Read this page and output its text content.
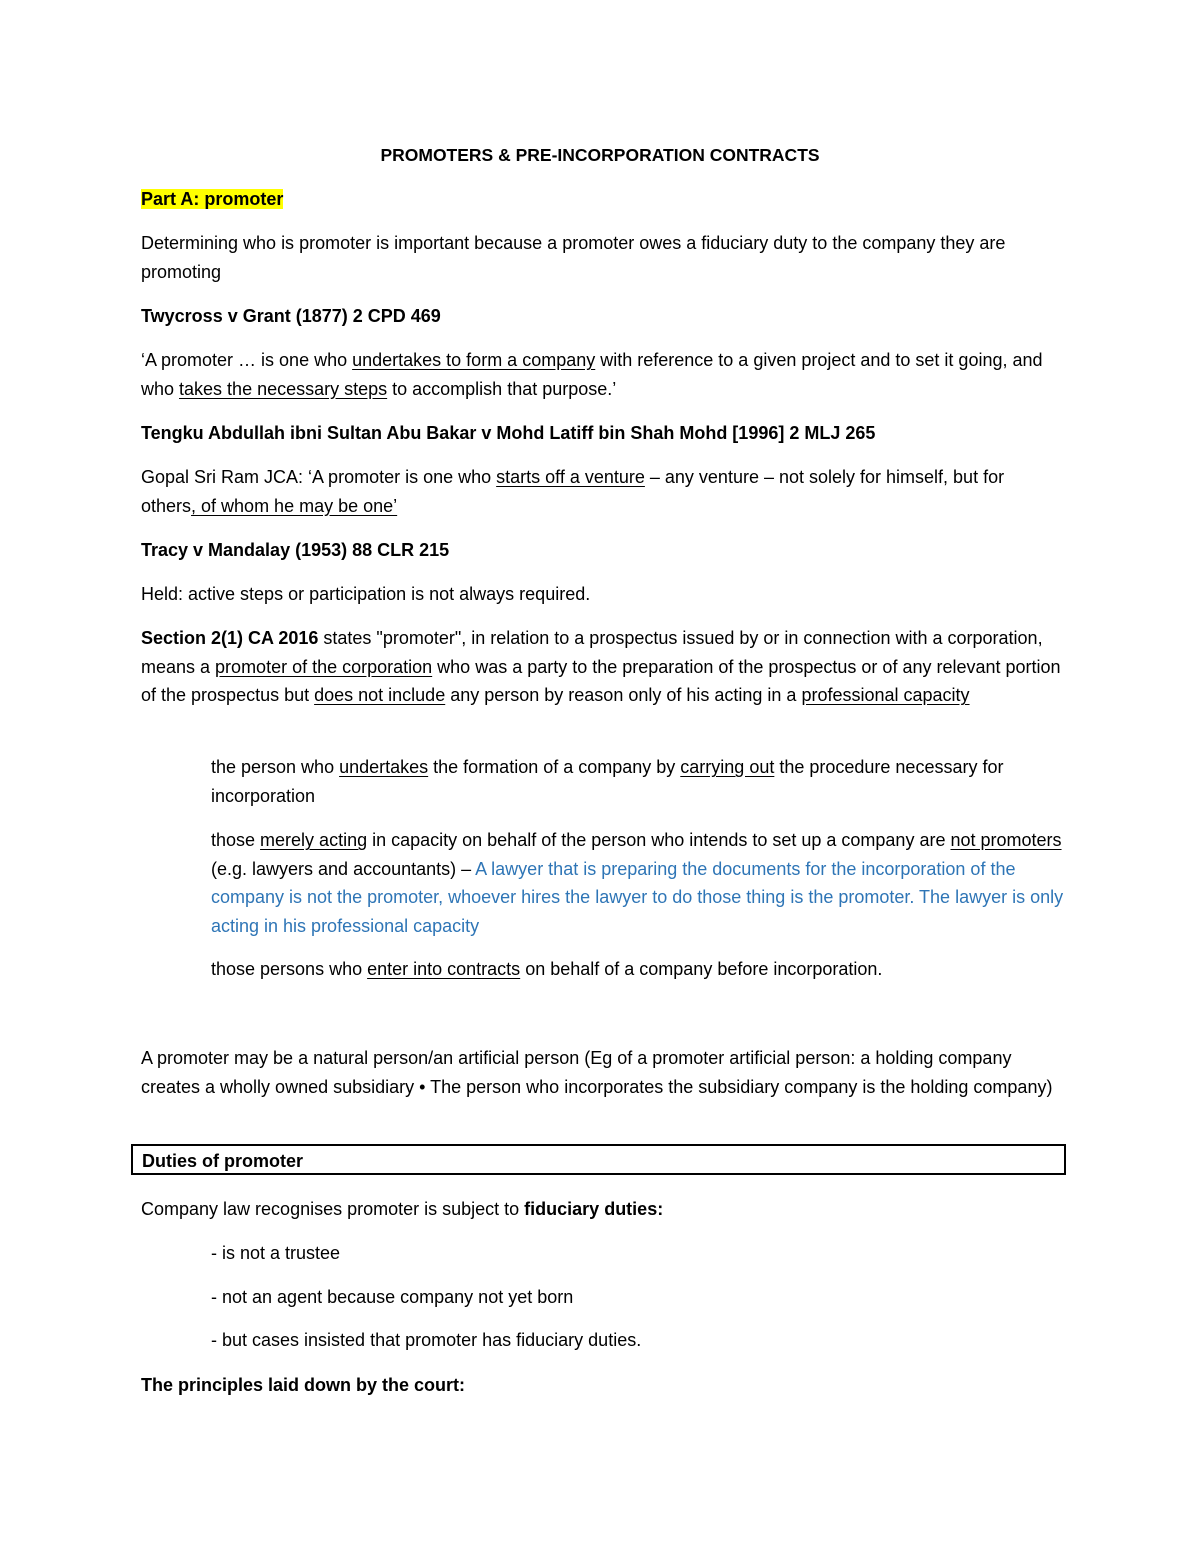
PROMOTERS & PRE-INCORPORATION CONTRACTS

Part A: promoter

Determining who is promoter is important because a promoter owes a fiduciary duty to the company they are promoting

Twycross v Grant (1877) 2 CPD 469

‘A promoter … is one who undertakes to form a company with reference to a given project and to set it going, and who takes the necessary steps to accomplish that purpose.’

Tengku Abdullah ibni Sultan Abu Bakar v Mohd Latiff bin Shah Mohd [1996] 2 MLJ 265

Gopal Sri Ram JCA: ‘A promoter is one who starts off a venture – any venture – not solely for himself, but for others, of whom he may be one’

Tracy v Mandalay (1953) 88 CLR 215

Held: active steps or participation is not always required.

Section 2(1) CA 2016 states "promoter", in relation to a prospectus issued by or in connection with a corporation, means a promoter of the corporation who was a party to the preparation of the prospectus or of any relevant portion of the prospectus but does not include any person by reason only of his acting in a professional capacity

the person who undertakes the formation of a company by carrying out the procedure necessary for incorporation

those merely acting in capacity on behalf of the person who intends to set up a company are not promoters (e.g. lawyers and accountants) – A lawyer that is preparing the documents for the incorporation of the company is not the promoter, whoever hires the lawyer to do those thing is the promoter. The lawyer is only acting in his professional capacity

those persons who enter into contracts on behalf of a company before incorporation.

A promoter may be a natural person/an artificial person (Eg of a promoter artificial person: a holding company creates a wholly owned subsidiary • The person who incorporates the subsidiary company is the holding company)

Duties of promoter

Company law recognises promoter is subject to fiduciary duties:

- is not a trustee

- not an agent because company not yet born

- but cases insisted that promoter has fiduciary duties.

The principles laid down by the court:
